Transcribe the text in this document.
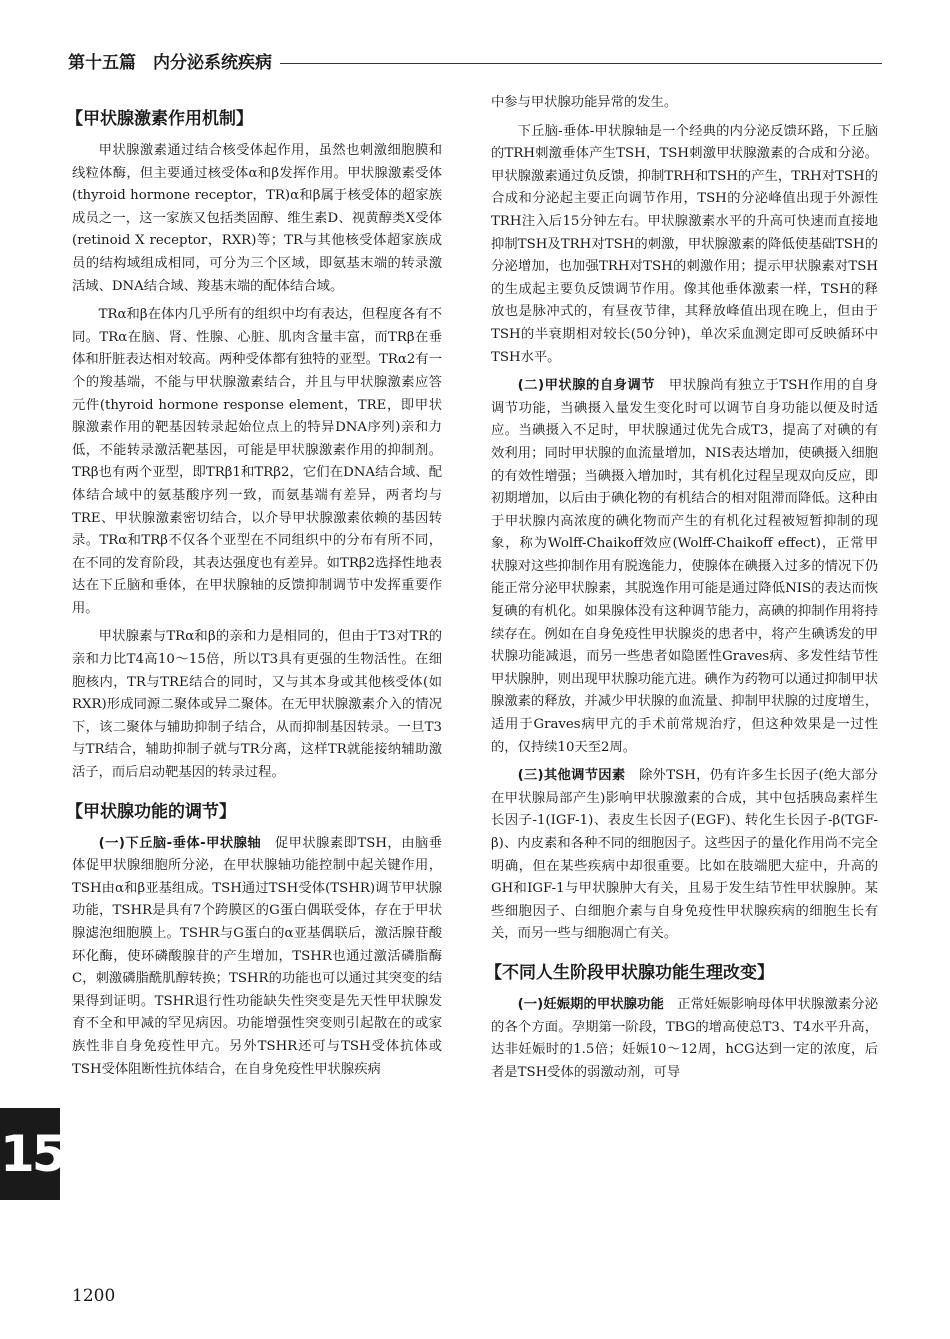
第十五篇　内分泌系统疾病
【甲状腺激素作用机制】

甲状腺激素通过结合核受体起作用，虽然也刺激细胞膜和线粒体酶，但主要通过核受体α和β发挥作用。甲状腺激素受体(thyroid hormone receptor，TR)α和β属于核受体的超家族成员之一，这一家族又包括类固醇、维生素D、视黄醇类X受体(retinoid X receptor，RXR)等；TR与其他核受体超家族成员的结构域组成相同，可分为三个区域，即氨基末端的转录激活域、DNA结合域、羧基末端的配体结合域。

TRα和β在体内几乎所有的组织中均有表达，但程度各有不同。TRα在脑、肾、性腺、心脏、肌肉含量丰富，而TRβ在垂体和肝脏表达相对较高。两种受体都有独特的亚型。TRα2有一个的羧基端，不能与甲状腺激素结合，并且与甲状腺激素应答元件(thyroid hormone response element，TRE，即甲状腺激素作用的靶基因转录起始位点上的特异DNA序列)亲和力低，不能转录激活靶基因，可能是甲状腺激素作用的抑制剂。TRβ也有两个亚型，即TRβ1和TRβ2，它们在DNA结合域、配体结合域中的氨基酸序列一致，而氨基端有差异，两者均与TRE、甲状腺激素密切结合，以介导甲状腺激素依赖的基因转录。TRα和TRβ不仅各个亚型在不同组织中的分布有所不同，在不同的发育阶段，其表达强度也有差异。如TRβ2选择性地表达在下丘脑和垂体，在甲状腺轴的反馈抑制调节中发挥重要作用。

甲状腺素与TRα和β的亲和力是相同的，但由于T3对TR的亲和力比T4高10～15倍，所以T3具有更强的生物活性。在细胞核内，TR与TRE结合的同时，又与其本身或其他核受体(如RXR)形成同源二聚体或异二聚体。在无甲状腺激素介入的情况下，该二聚体与辅助抑制子结合，从而抑制基因转录。一旦T3与TR结合，辅助抑制子就与TR分离，这样TR就能接纳辅助激活子，而后启动靶基因的转录过程。

【甲状腺功能的调节】

(一)下丘脑-垂体-甲状腺轴　促甲状腺素即TSH，由脑垂体促甲状腺细胞所分泌，在甲状腺轴功能控制中起关键作用，TSH由α和β亚基组成。TSH通过TSH受体(TSHR)调节甲状腺功能，TSHR是具有7个跨膜区的G蛋白偶联受体，存在于甲状腺滤泡细胞膜上。TSHR与G蛋白的α亚基偶联后，激活腺苷酸环化酶，使环磷酸腺苷的产生增加，TSHR也通过激活磷脂酶C，刺激磷脂酰肌醇转换；TSHR的功能也可以通过其突变的结果得到证明。TSHR退行性功能缺失性突变是先天性甲状腺发育不全和甲减的罕见病因。功能增强性突变则引起散在的或家族性非自身免疫性甲亢。另外TSHR还可与TSH受体抗体或TSH受体阻断性抗体结合，在自身免疫性甲状腺疾病

中参与甲状腺功能异常的发生。

下丘脑-垂体-甲状腺轴是一个经典的内分泌反馈环路，下丘脑的TRH刺激垂体产生TSH，TSH刺激甲状腺激素的合成和分泌。甲状腺激素通过负反馈，抑制TRH和TSH的产生，TRH对TSH的合成和分泌起主要正向调节作用，TSH的分泌峰值出现于外源性TRH注入后15分钟左右。甲状腺激素水平的升高可快速而直接地抑制TSH及TRH对TSH的刺激，甲状腺激素的降低使基础TSH的分泌增加，也加强TRH对TSH的刺激作用；提示甲状腺素对TSH的生成起主要负反馈调节作用。像其他垂体激素一样，TSH的释放也是脉冲式的，有昼夜节律，其释放峰值出现在晚上，但由于TSH的半衰期相对较长(50分钟)，单次采血测定即可反映循环中TSH水平。

(二)甲状腺的自身调节　甲状腺尚有独立于TSH作用的自身调节功能，当碘摄入量发生变化时可以调节自身功能以便及时适应。当碘摄入不足时，甲状腺通过优先合成T3，提高了对碘的有效利用；同时甲状腺的血流量增加，NIS表达增加，使碘摄入细胞的有效性增强；当碘摄入增加时，其有机化过程呈现双向反应，即初期增加，以后由于碘化物的有机结合的相对阻滞而降低。这种由于甲状腺内高浓度的碘化物而产生的有机化过程被短暂抑制的现象，称为Wolff-Chaikoff效应(Wolff-Chaikoff effect)，正常甲状腺对这些抑制作用有脱逸能力，使腺体在碘摄入过多的情况下仍能正常分泌甲状腺素，其脱逸作用可能是通过降低NIS的表达而恢复碘的有机化。如果腺体没有这种调节能力，高碘的抑制作用将持续存在。例如在自身免疫性甲状腺炎的患者中，将产生碘诱发的甲状腺功能减退，而另一些患者如隐匿性Graves病、多发性结节性甲状腺肿，则出现甲状腺功能亢进。碘作为药物可以通过抑制甲状腺激素的释放，并减少甲状腺的血流量、抑制甲状腺的过度增生，适用于Graves病甲亢的手术前常规治疗，但这种效果是一过性的，仅持续10天至2周。

(三)其他调节因素　除外TSH，仍有许多生长因子(绝大部分在甲状腺局部产生)影响甲状腺激素的合成，其中包括胰岛素样生长因子-1(IGF-1)、表皮生长因子(EGF)、转化生长因子-β(TGF-β)、内皮素和各种不同的细胞因子。这些因子的量化作用尚不完全明确，但在某些疾病中却很重要。比如在肢端肥大症中，升高的GH和IGF-1与甲状腺肿大有关，且易于发生结节性甲状腺肿。某些细胞因子、白细胞介素与自身免疫性甲状腺疾病的细胞生长有关，而另一些与细胞凋亡有关。

【不同人生阶段甲状腺功能生理改变】

(一)妊娠期的甲状腺功能　正常妊娠影响母体甲状腺激素分泌的各个方面。孕期第一阶段，TBG的增高使总T3、T4水平升高，达非妊娠时的1.5倍；妊娠10～12周，hCG达到一定的浓度，后者是TSH受体的弱激动剂，可导

15
1200
